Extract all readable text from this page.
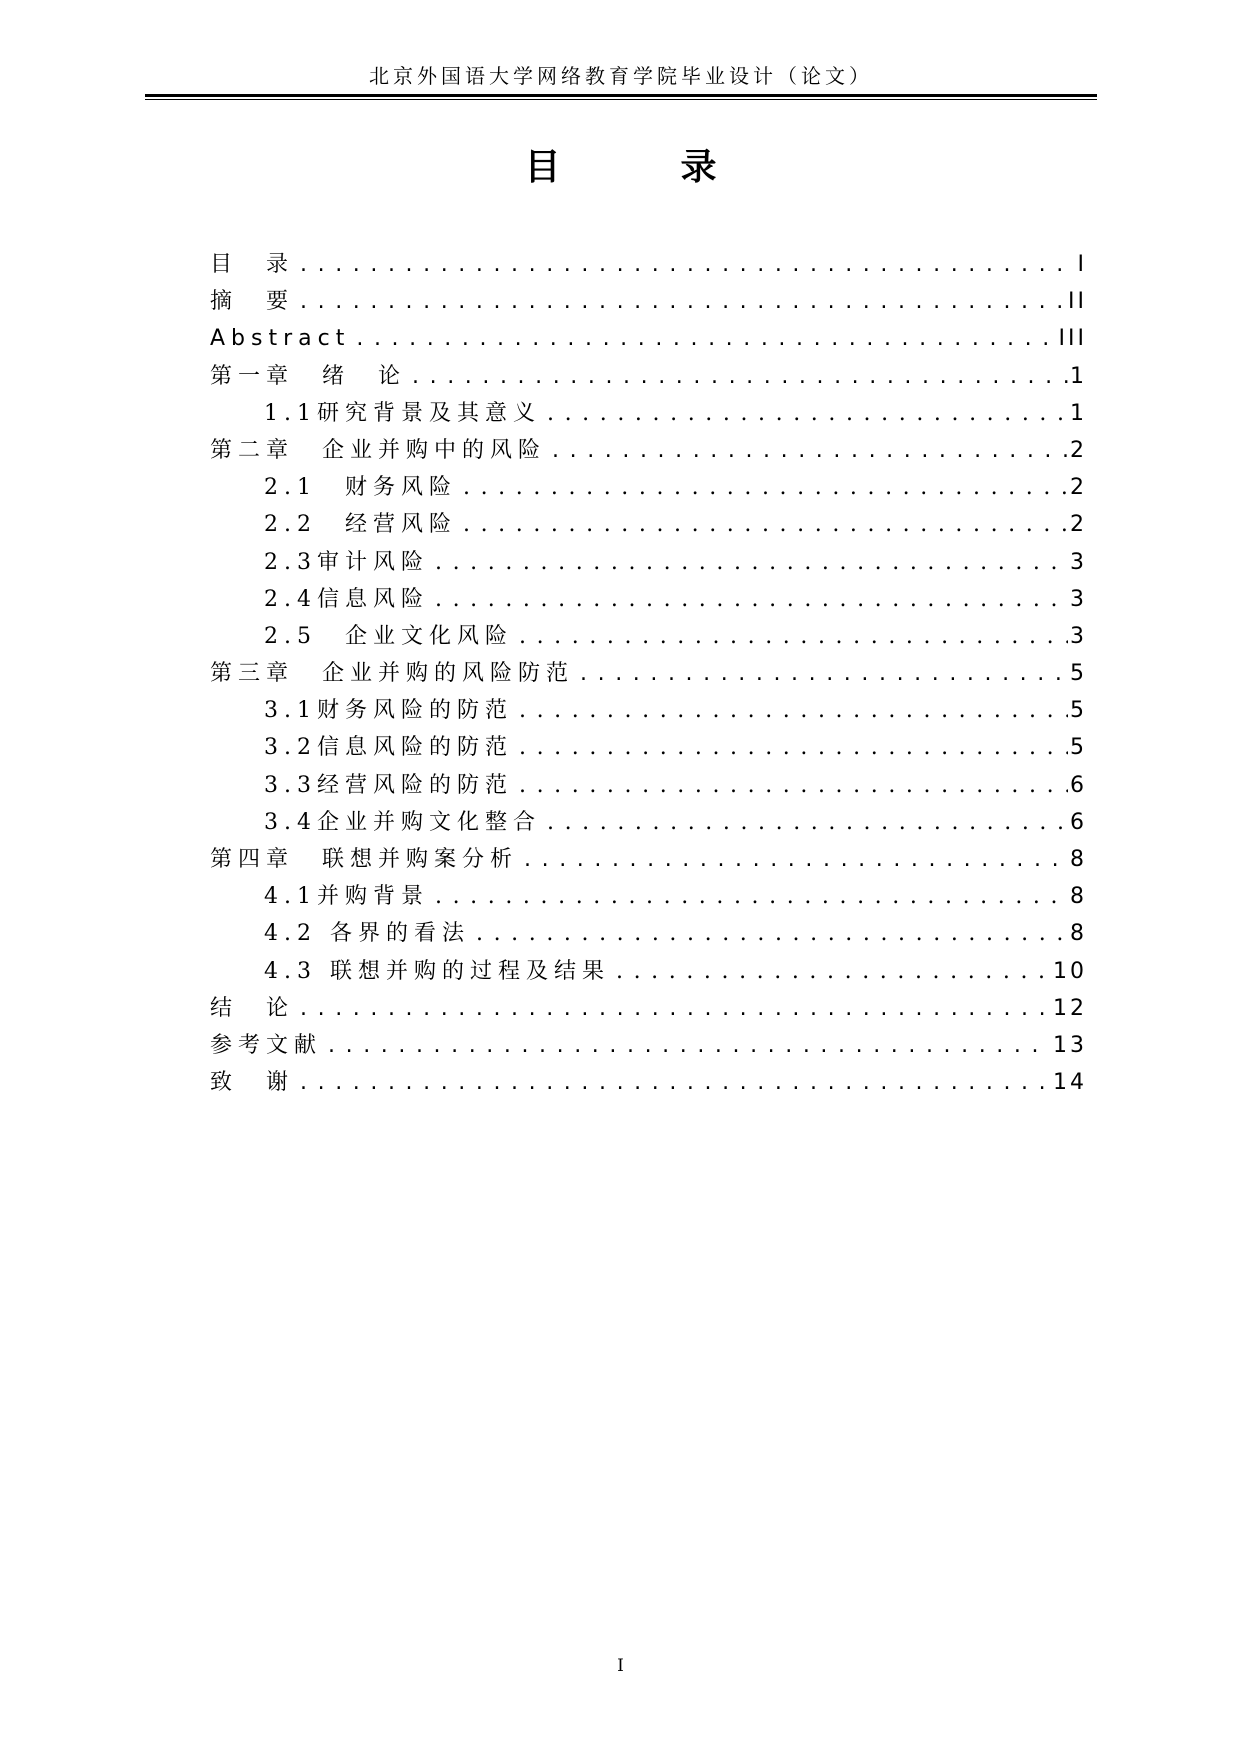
北京外国语大学网络教育学院毕业设计（论文）
目　录
目　录 . . .	I
摘　要 . . .	II
Abstract . . .	III
第一章　绪　论 . . .	1
1.1研究背景及其意义 . . .	1
第二章　企业并购中的风险 . . .	2
2.1　财务风险 . . .	2
2.2　经营风险 . . .	2
2.3审计风险 . . .	3
2.4信息风险 . . .	3
2.5　企业文化风险 . . .	3
第三章　企业并购的风险防范 . . .	5
3.1财务风险的防范 . . .	5
3.2信息风险的防范 . . .	5
3.3经营风险的防范 . . .	6
3.4企业并购文化整合 . . .	6
第四章　联想并购案分析 . . .	8
4.1并购背景 . . .	8
4.2 各界的看法 . . .	8
4.3 联想并购的过程及结果 . . .	10
结　论 . . .	12
参考文献 . . .	13
致　谢 . . .	14
I
